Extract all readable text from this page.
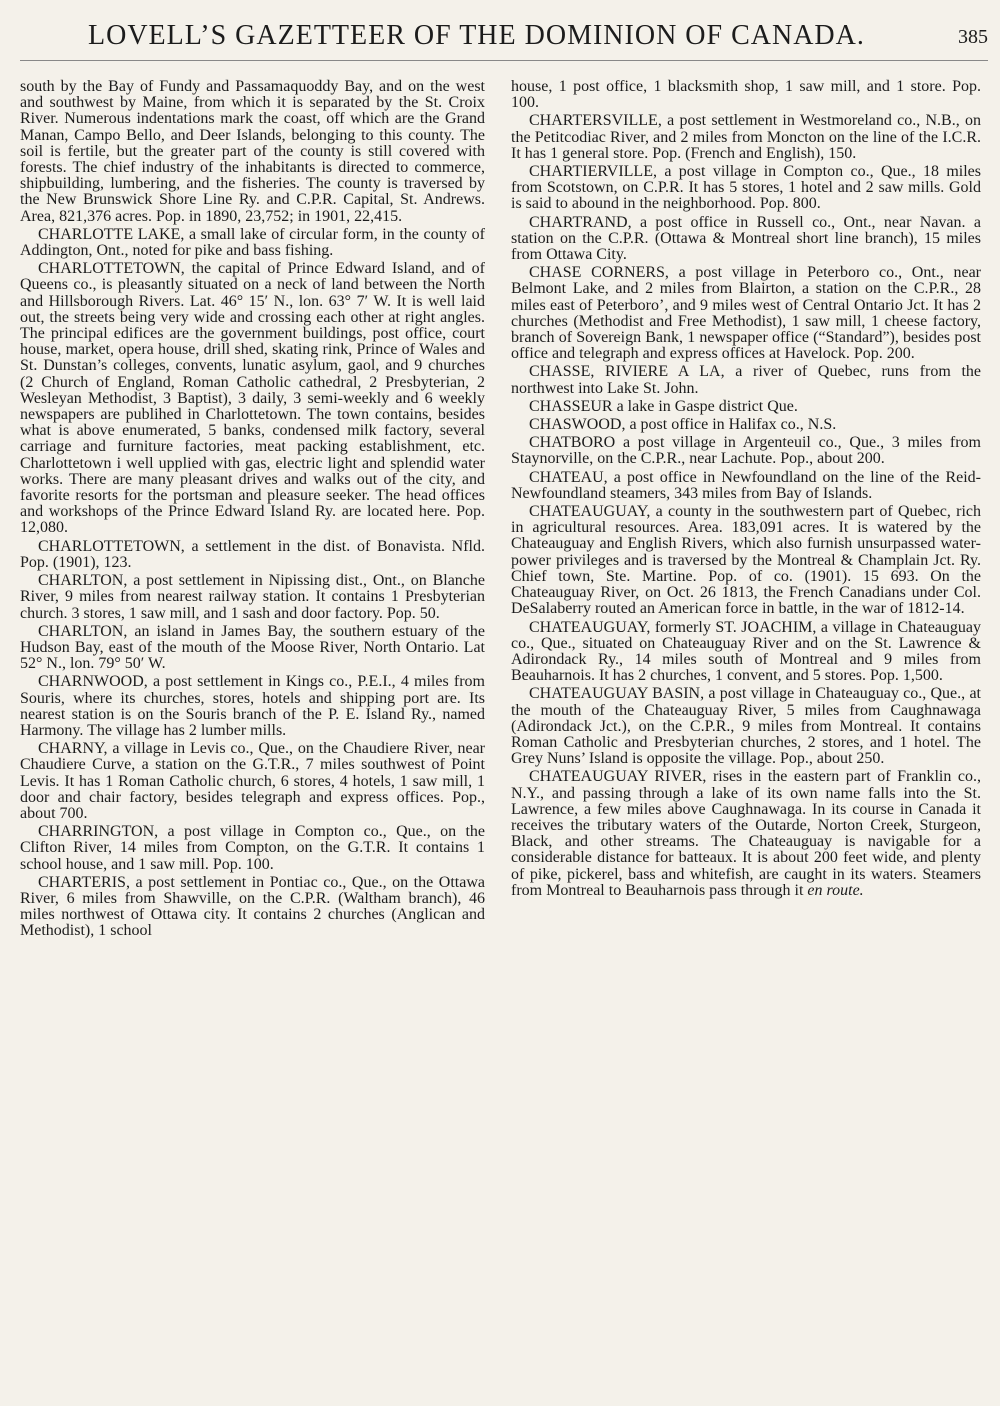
LOVELL’S GAZETTEER OF THE DOMINION OF CANADA.	385

south by the Bay of Fundy and Passamaquoddy Bay, and on the west and southwest by Maine, from which it is separated by the St. Croix River. Numerous indentations mark the coast, off which are the Grand Manan, Campo Bello, and Deer Islands, belonging to this county. The soil is fertile, but the greater part of the county is still covered with forests. The chief industry of the inhabitants is directed to commerce, shipbuilding, lumbering, and the fisheries. The county is traversed by the New Brunswick Shore Line Ry. and C.P.R. Capital, St. Andrews. Area, 821,376 acres. Pop. in 1890, 23,752; in 1901, 22,415.

CHARLOTTE LAKE, a small lake of circular form, in the county of Addington, Ont., noted for pike and bass fishing.

CHARLOTTETOWN, the capital of Prince Edward Island, and of Queens co., is pleasantly situated on a neck of land between the North and Hillsborough Rivers. Lat. 46° 15′ N., lon. 63° 7′ W. It is well laid out, the streets being very wide and crossing each other at right angles. The principal edifices are the government buildings, post office, court house, market, opera house, drill shed, skating rink, Prince of Wales and St. Dunstan’s colleges, convents, lunatic asylum, gaol, and 9 churches (2 Church of England, Roman Catholic cathedral, 2 Presbyterian, 2 Wesleyan Methodist, 3 Baptist), 3 daily, 3 semi-weekly and 6 weekly newspapers are publihed in Charlottetown. The town contains, besides what is above enumerated, 5 banks, condensed milk factory, several carriage and furniture factories, meat packing establishment, etc. Charlottetown i well upplied with gas, electric light and splendid water works. There are many pleasant drives and walks out of the city, and favorite resorts for the portsman and pleasure seeker. The head offices and workshops of the Prince Edward Island Ry. are located here. Pop. 12,080.

CHARLOTTETOWN, a settlement in the dist. of Bonavista. Nfld. Pop. (1901), 123.

CHARLTON, a post settlement in Nipissing dist., Ont., on Blanche River, 9 miles from nearest railway station. It contains 1 Presbyterian church. 3 stores, 1 saw mill, and 1 sash and door factory. Pop. 50.

CHARLTON, an island in James Bay, the southern estuary of the Hudson Bay, east of the mouth of the Moose River, North Ontario. Lat 52° N., lon. 79° 50′ W.

CHARNWOOD, a post settlement in Kings co., P.E.I., 4 miles from Souris, where its churches, stores, hotels and shipping port are. Its nearest station is on the Souris branch of the P. E. Island Ry., named Harmony. The village has 2 lumber mills.

CHARNY, a village in Levis co., Que., on the Chaudiere River, near Chaudiere Curve, a station on the G.T.R., 7 miles southwest of Point Levis. It has 1 Roman Catholic church, 6 stores, 4 hotels, 1 saw mill, 1 door and chair factory, besides telegraph and express offices. Pop., about 700.

CHARRINGTON, a post village in Compton co., Que., on the Clifton River, 14 miles from Compton, on the G.T.R. It contains 1 school house, and 1 saw mill. Pop. 100.

CHARTERIS, a post settlement in Pontiac co., Que., on the Ottawa River, 6 miles from Shawville, on the C.P.R. (Waltham branch), 46 miles northwest of Ottawa city. It contains 2 churches (Anglican and Methodist), 1 school

house, 1 post office, 1 blacksmith shop, 1 saw mill, and 1 store. Pop. 100.

CHARTERSVILLE, a post settlement in Westmoreland co., N.B., on the Petitcodiac River, and 2 miles from Moncton on the line of the I.C.R. It has 1 general store. Pop. (French and English), 150.

CHARTIERVILLE, a post village in Compton co., Que., 18 miles from Scotstown, on C.P.R. It has 5 stores, 1 hotel and 2 saw mills. Gold is said to abound in the neighborhood. Pop. 800.

CHARTRAND, a post office in Russell co., Ont., near Navan. a station on the C.P.R. (Ottawa & Montreal short line branch), 15 miles from Ottawa City.

CHASE CORNERS, a post village in Peterboro co., Ont., near Belmont Lake, and 2 miles from Blairton, a station on the C.P.R., 28 miles east of Peterboro’, and 9 miles west of Central Ontario Jct. It has 2 churches (Methodist and Free Methodist), 1 saw mill, 1 cheese factory, branch of Sovereign Bank, 1 newspaper office (“Standard”), besides post office and telegraph and express offices at Havelock. Pop. 200.

CHASSE, RIVIERE A LA, a river of Quebec, runs from the northwest into Lake St. John.

CHASSEUR a lake in Gaspe district Que.

CHASWOOD, a post office in Halifax co., N.S.

CHATBORO a post village in Argenteuil co., Que., 3 miles from Staynorville, on the C.P.R., near Lachute. Pop., about 200.

CHATEAU, a post office in Newfoundland on the line of the Reid-Newfoundland steamers, 343 miles from Bay of Islands.

CHATEAUGUAY, a county in the southwestern part of Quebec, rich in agricultural resources. Area. 183,091 acres. It is watered by the Chateauguay and English Rivers, which also furnish unsurpassed water-power privileges and is traversed by the Montreal & Champlain Jct. Ry. Chief town, Ste. Martine. Pop. of co. (1901). 15 693. On the Chateauguay River, on Oct. 26 1813, the French Canadians under Col. DeSalaberry routed an American force in battle, in the war of 1812-14.

CHATEAUGUAY, formerly ST. JOACHIM, a village in Chateauguay co., Que., situated on Chateauguay River and on the St. Lawrence & Adirondack Ry., 14 miles south of Montreal and 9 miles from Beauharnois. It has 2 churches, 1 convent, and 5 stores. Pop. 1,500.

CHATEAUGUAY BASIN, a post village in Chateauguay co., Que., at the mouth of the Chateauguay River, 5 miles from Caughnawaga (Adirondack Jct.), on the C.P.R., 9 miles from Montreal. It contains Roman Catholic and Presbyterian churches, 2 stores, and 1 hotel. The Grey Nuns’ Island is opposite the village. Pop., about 250.

CHATEAUGUAY RIVER, rises in the eastern part of Franklin co., N.Y., and passing through a lake of its own name falls into the St. Lawrence, a few miles above Caughnawaga. In its course in Canada it receives the tributary waters of the Outarde, Norton Creek, Sturgeon, Black, and other streams. The Chateauguay is navigable for a considerable distance for batteaux. It is about 200 feet wide, and plenty of pike, pickerel, bass and whitefish, are caught in its waters. Steamers from Montreal to Beauharnois pass through it en route.
